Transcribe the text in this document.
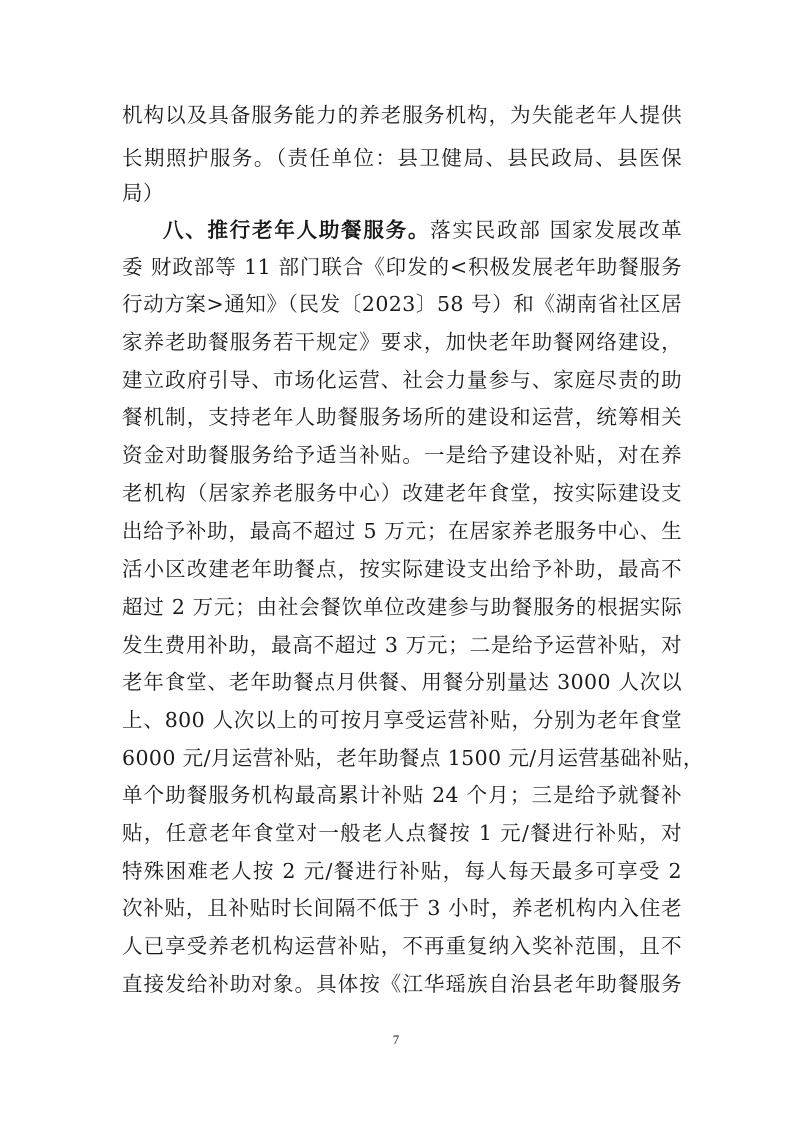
机构以及具备服务能力的养老服务机构，为失能老年人提供
长期照护服务。（责任单位：县卫健局、县民政局、县医保
局）
八、推行老年人助餐服务。落实民政部 国家发展改革
委 财政部等 11 部门联合《印发的<积极发展老年助餐服务
行动方案>通知》（民发〔2023〕58 号）和《湖南省社区居
家养老助餐服务若干规定》要求，加快老年助餐网络建设，
建立政府引导、市场化运营、社会力量参与、家庭尽责的助
餐机制，支持老年人助餐服务场所的建设和运营，统筹相关
资金对助餐服务给予适当补贴。一是给予建设补贴，对在养
老机构（居家养老服务中心）改建老年食堂，按实际建设支
出给予补助，最高不超过 5 万元；在居家养老服务中心、生
活小区改建老年助餐点，按实际建设支出给予补助，最高不
超过 2 万元；由社会餐饮单位改建参与助餐服务的根据实际
发生费用补助，最高不超过 3 万元；二是给予运营补贴，对
老年食堂、老年助餐点月供餐、用餐分别量达 3000 人次以
上、800 人次以上的可按月享受运营补贴，分别为老年食堂
6000 元/月运营补贴，老年助餐点 1500 元/月运营基础补贴，
单个助餐服务机构最高累计补贴 24 个月；三是给予就餐补
贴，任意老年食堂对一般老人点餐按 1 元/餐进行补贴，对
特殊困难老人按 2 元/餐进行补贴，每人每天最多可享受 2
次补贴，且补贴时长间隔不低于 3 小时，养老机构内入住老
人已享受养老机构运营补贴，不再重复纳入奖补范围，且不
直接发给补助对象。具体按《江华瑶族自治县老年助餐服务
7
